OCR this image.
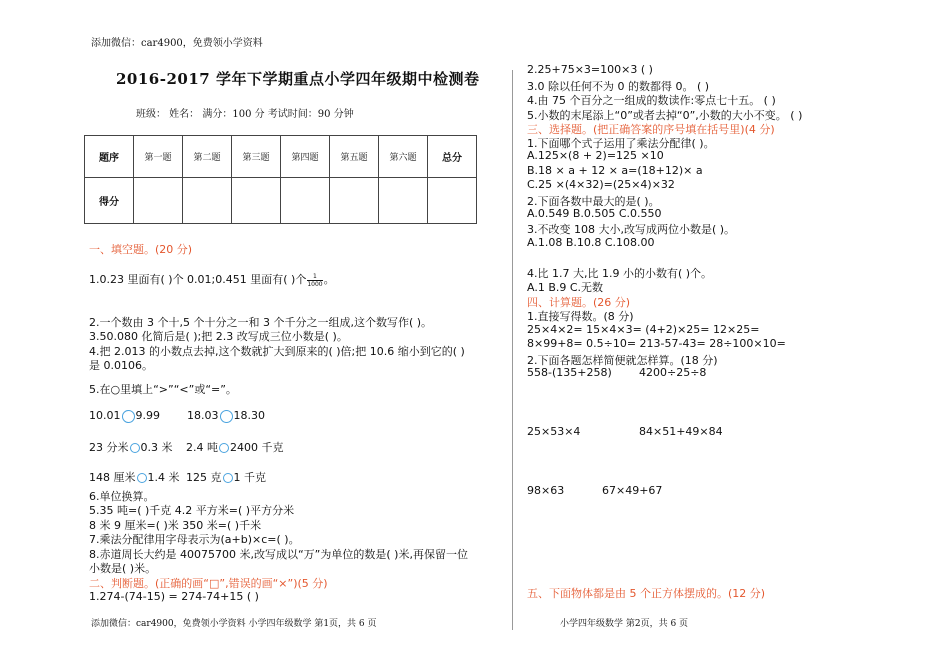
添加微信：car4900，免费领小学资料
2016-2017 学年下学期重点小学四年级期中检测卷
班级： 姓名： 满分：100 分 考试时间：90 分钟
题序	第一题	第二题	第三题	第四题	第五题	第六题	总分
得分							
一、填空题。(20 分)
1.0.23 里面有( )个 0.01;0.451 里面有( )个 $\frac{1}{1000}$ 。
2.一个数由 3 个十,5 个十分之一和 3 个千分之一组成,这个数写作( )。
3.50.080 化简后是( );把 2.3 改写成三位小数是( )。
4.把 2.013 的小数点去掉,这个数就扩大到原来的( )倍;把 10.6 缩小到它的( )
是 0.0106。
5.在○里填上“>”“<”或“=”。
10.01 9.99 18.03 18.30
23 分米 0.3 米 2.4 吨 2400 千克
148 厘米 1.4 米 125 克 1 千克
6.单位换算。
5.35 吨=( )千克 4.2 平方米=( )平方分米
8 米 9 厘米=( )米 350 米=( )千米
7.乘法分配律用字母表示为(a+b)×c=( )。
8.赤道周长大约是 40075700 米,改写成以“万”为单位的数是( )米,再保留一位
小数是( )米。
二、判断题。(正确的画“□”,错误的画“×”)(5 分)
1.274-(74-15) = 274-74+15 ( )
添加微信：car4900，免费领小学资料 小学四年级数学 第1页，共 6 页
2.25+75×3=100×3 ( )
3.0 除以任何不为 0 的数都得 0。 ( )
4.由 75 个百分之一组成的数读作:零点七十五。 ( )
5.小数的末尾添上“0”或者去掉“0”,小数的大小不变。 ( )
三、选择题。(把正确答案的序号填在括号里)(4 分)
1.下面哪个式子运用了乘法分配律( )。
A.125×(8 + 2)=125 ×10
B.18 × a + 12 × a=(18+12)× a
C.25 ×(4×32)=(25×4)×32
2.下面各数中最大的是( )。
A.0.549 B.0.505 C.0.550
3.不改变 108 大小,改写成两位小数是( )。
A.1.08 B.10.8 C.108.00
4.比 1.7 大,比 1.9 小的小数有( )个。
A.1 B.9 C.无数
四、计算题。(26 分)
1.直接写得数。(8 分)
25×4×2= 15×4×3= (4+2)×25= 12×25=
8×99+8= 0.5÷10= 213-57-43= 28÷100×10=
2.下面各题怎样简便就怎样算。(18 分)
558-(135+258) 4200÷25÷8
25×53×4	84×51+49×84
98×63	67×49+67
五、下面物体都是由 5 个正方体摆成的。(12 分)
小学四年级数学 第2页，共 6 页
